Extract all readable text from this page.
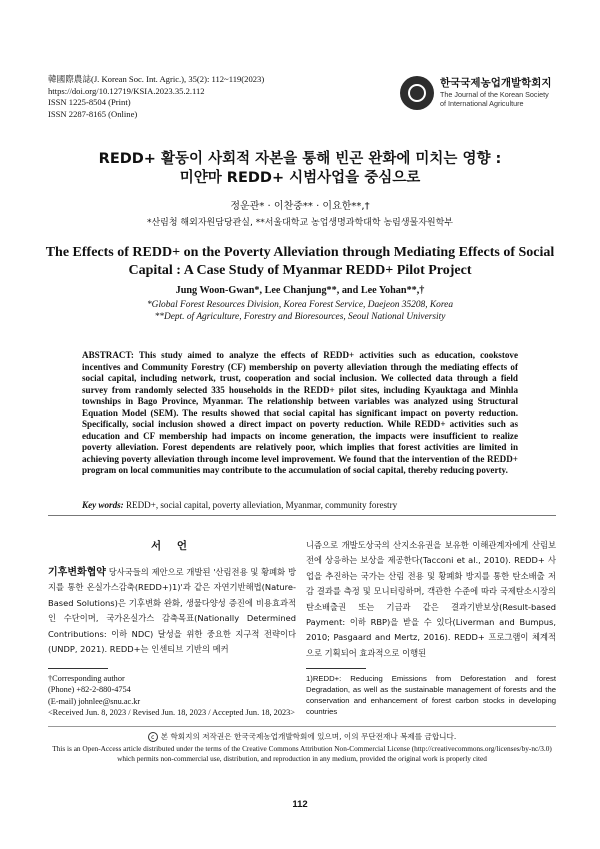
韓國際農誌(J. Korean Soc. Int. Agric.), 35(2): 112~119(2023)
https://doi.org/10.12719/KSIA.2023.35.2.112
ISSN 1225-8504 (Print)
ISSN 2287-8165 (Online)
한국국제농업개발학회지
The Journal of the Korean Society
of International Agriculture
REDD+ 활동이 사회적 자본을 통해 빈곤 완화에 미치는 영향 :
미얀마 REDD+ 시범사업을 중심으로
정운관* · 이찬중** · 이요한**,†
*산림청 해외자원담당관실, **서울대학교 농업생명과학대학 농림생물자원학부
The Effects of REDD+ on the Poverty Alleviation through Mediating Effects of Social Capital : A Case Study of Myanmar REDD+ Pilot Project
Jung Woon-Gwan*, Lee Chanjung**, and Lee Yohan**,†
*Global Forest Resources Division, Korea Forest Service, Daejeon 35208, Korea
**Dept. of Agriculture, Forestry and Bioresources, Seoul National University
ABSTRACT: This study aimed to analyze the effects of REDD+ activities such as education, cookstove incentives and Community Forestry (CF) membership on poverty alleviation through the mediating effects of social capital, including network, trust, cooperation and social inclusion. We collected data through a field survey from randomly selected 335 households in the REDD+ pilot sites, including Kyauktaga and Minhla townships in Bago Province, Myanmar. The relationship between variables was analyzed using Structural Equation Model (SEM). The results showed that social capital has significant impact on poverty reduction. Specifically, social inclusion showed a direct impact on poverty reduction. While REDD+ activities such as education and CF membership had impacts on income generation, the impacts were insufficient to realize poverty alleviation. Forest dependents are relatively poor, which implies that forest activities are limited in achieving poverty alleviation through income level improvement. We found that the intervention of the REDD+ program on local communities may contribute to the accumulation of social capital, thereby reducing poverty.
Key words: REDD+, social capital, poverty alleviation, Myanmar, community forestry
서 언
기후변화협약 당사국들의 제안으로 개발된 '산림전용 및 황폐화 방지를 통한 온실가스감축(REDD+)1)'과 같은 자연기반해법(Nature-Based Solutions)은 기후변화 완화, 생물다양성 증진에 비용효과적인 수단이며, 국가온실가스 감축목표(Nationally Determined Contributions: 이하 NDC) 달성을 위한 중요한 지구적 전략이다(UNDP, 2021). REDD+는 인센티브 기반의 메커
니즘으로 개발도상국의 산지소유권을 보유한 이해관계자에게 산림보전에 상응하는 보상을 제공한다(Tacconi et al., 2010). REDD+ 사업을 추진하는 국가는 산림 전용 및 황폐화 방지를 통한 탄소배출 저감 결과를 측정 및 모니터링하며, 객관한 수준에 따라 국제탄소시장의 탄소배출권 또는 기금과 같은 결과기반보상(Result-based Payment: 이하 RBP)을 받을 수 있다(Liverman and Bumpus, 2010; Pasgaard and Mertz, 2016). REDD+ 프로그램이 체계적으로 기획되어 효과적으로 이행된
†Corresponding author
(Phone) +82-2-880-4754
(E-mail) johnlee@snu.ac.kr
<Received Jun. 8, 2023 / Revised Jun. 18, 2023 / Accepted Jun. 18, 2023>
1)REDD+: Reducing Emissions from Deforestation and forest Degradation, as well as the sustainable management of forests and the conservation and enhancement of forest carbon stocks in developing countries
c 본 학회지의 저작권은 한국국제농업개발학회에 있으며, 이의 무단전재나 복제를 금합니다.
This is an Open-Access article distributed under the terms of the Creative Commons Attribution Non-Commercial License (http://creativecommons.org/licenses/by-nc/3.0) which permits non-commercial use, distribution, and reproduction in any medium, provided the original work is properly cited
112
